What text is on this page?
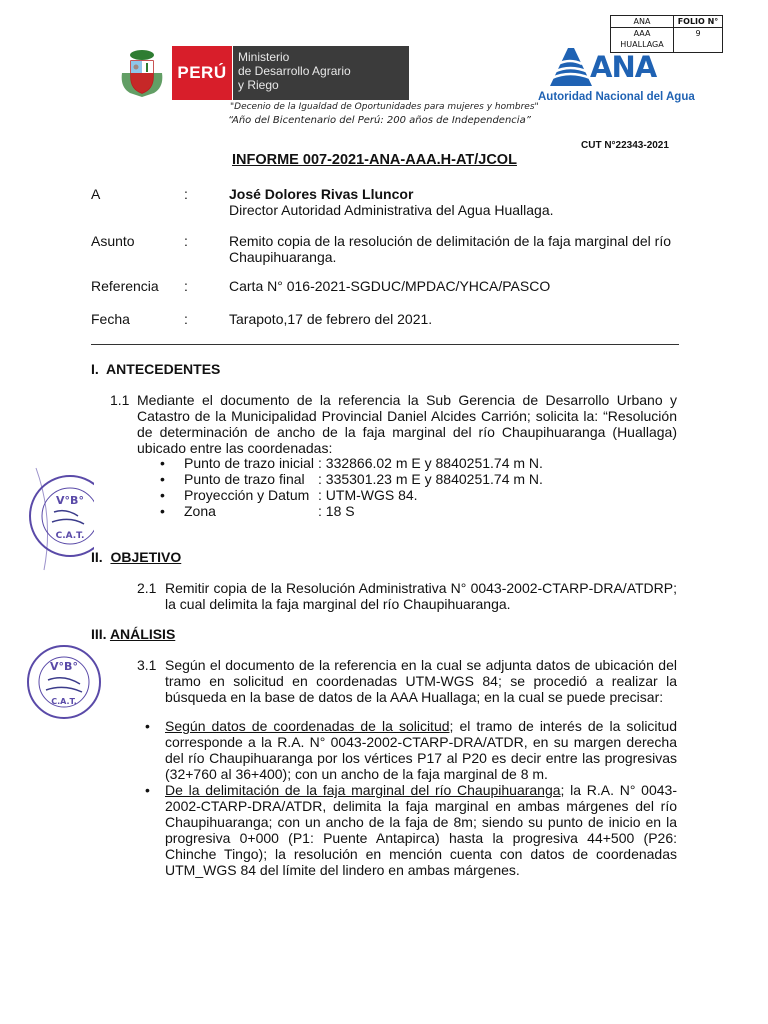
ANA	FOLIO N°
AAA HUALLAGA	9
PERÚ
Ministerio
de Desarrollo Agrario
y Riego
ANA
Autoridad Nacional del Agua
"Decenio de la Igualdad de Oportunidades para mujeres y hombres"
“Año del Bicentenario del Perú: 200 años de Independencia”
CUT N°22343-2021
INFORME 007-2021-ANA-AAA.H-AT/JCOL
A	:	José Dolores Rivas Lluncor
Director Autoridad Administrativa del Agua Huallaga.
Asunto	:	Remito copia de la resolución de delimitación de la faja marginal del río Chaupihuaranga.
Referencia :	Carta N° 016-2021-SGDUC/MPDAC/YHCA/PASCO
Fecha	:	Tarapoto,17 de febrero del 2021.
I. ANTECEDENTES
1.1 Mediante el documento de la referencia la Sub Gerencia de Desarrollo Urbano y Catastro de la Municipalidad Provincial Daniel Alcides Carrión; solicita la: “Resolución de determinación de ancho de la faja marginal del río Chaupihuaranga (Huallaga) ubicado entre las coordenadas:
• Punto de trazo inicial : 332866.02 m E y 8840251.74 m N.
• Punto de trazo final : 335301.23 m E y 8840251.74 m N.
• Proyección y Datum : UTM-WGS 84.
• Zona	: 18 S
II. OBJETIVO
2.1 Remitir copia de la Resolución Administrativa N° 0043-2002-CTARP-DRA/ATDRP; la cual delimita la faja marginal del río Chaupihuaranga.
III. ANÁLISIS
3.1 Según el documento de la referencia en la cual se adjunta datos de ubicación del tramo en solicitud en coordenadas UTM-WGS 84; se procedió a realizar la búsqueda en la base de datos de la AAA Huallaga; en la cual se puede precisar:
• Según datos de coordenadas de la solicitud; el tramo de interés de la solicitud corresponde a la R.A. N° 0043-2002-CTARP-DRA/ATDR, en su margen derecha del río Chaupihuaranga por los vértices P17 al P20 es decir entre las progresivas (32+760 al 36+400); con un ancho de la faja marginal de 8 m.
• De la delimitación de la faja marginal del río Chaupihuaranga; la R.A. N° 0043-2002-CTARP-DRA/ATDR, delimita la faja marginal en ambas márgenes del río Chaupihuaranga; con un ancho de la faja de 8m; siendo su punto de inicio en la progresiva 0+000 (P1: Puente Antapirca) hasta la progresiva 44+500 (P26: Chinche Tingo); la resolución en mención cuenta con datos de coordenadas UTM_WGS 84 del límite del lindero en ambas márgenes.
V°B°
C.A.T.
V°B°
C.A.T.
